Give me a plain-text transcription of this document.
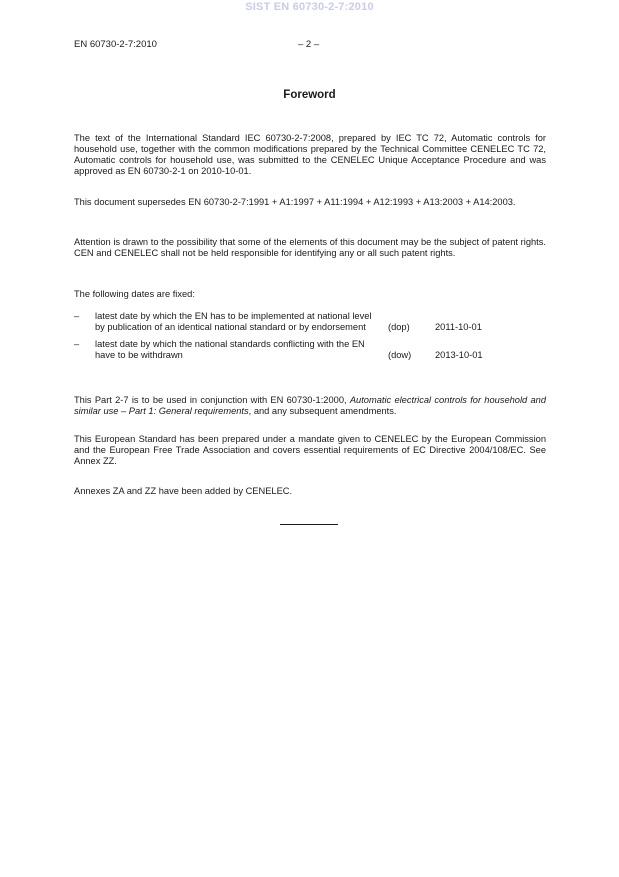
SIST EN 60730-2-7:2010
EN 60730-2-7:2010	– 2 –
Foreword

The text of the International Standard IEC 60730-2-7:2008, prepared by IEC TC 72, Automatic controls for household use, together with the common modifications prepared by the Technical Committee CENELEC TC 72, Automatic controls for household use, was submitted to the CENELEC Unique Acceptance Procedure and was approved as EN 60730-2-1 on 2010-10-01.

This document supersedes EN 60730-2-7:1991 + A1:1997 + A11:1994 + A12:1993 + A13:2003 + A14:2003.

Attention is drawn to the possibility that some of the elements of this document may be the subject of patent rights. CEN and CENELEC shall not be held responsible for identifying any or all such patent rights.

The following dates are fixed:

– latest date by which the EN has to be implemented at national level by publication of an identical national standard or by endorsement	(dop)	2011-10-01
– latest date by which the national standards conflicting with the EN have to be withdrawn	(dow)	2013-10-01

This Part 2-7 is to be used in conjunction with EN 60730-1:2000, Automatic electrical controls for household and similar use – Part 1: General requirements, and any subsequent amendments.

This European Standard has been prepared under a mandate given to CENELEC by the European Commission and the European Free Trade Association and covers essential requirements of EC Directive 2004/108/EC. See Annex ZZ.

Annexes ZA and ZZ have been added by CENELEC.
